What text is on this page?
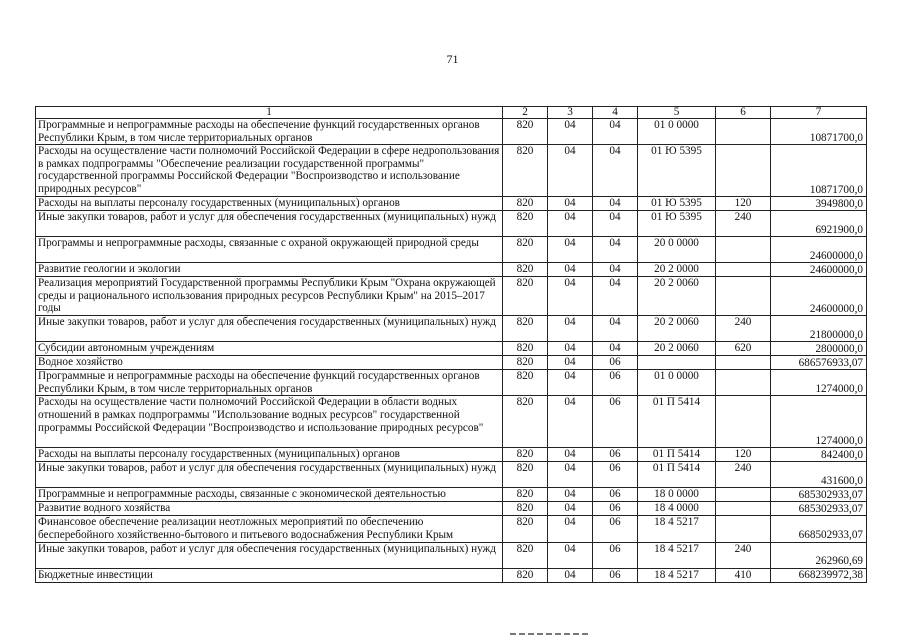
71
1	2	3	4	5	6	7
Программные и непрограммные расходы на обеспечение функций государственных органов Республики Крым, в том числе территориальных органов	820	04	04	01 0 0000		10871700,0
Расходы на осуществление части полномочий Российской Федерации в сфере недропользования в рамках подпрограммы "Обеспечение реализации государственной программы" государственной программы Российской Федерации "Воспроизводство и использование природных ресурсов"	820	04	04	01 Ю 5395		10871700,0
Расходы на выплаты персоналу государственных (муниципальных) органов	820	04	04	01 Ю 5395	120	3949800,0
Иные закупки товаров, работ и услуг для обеспечения государственных (муниципальных) нужд	820	04	04	01 Ю 5395	240	6921900,0
Программы и непрограммные расходы, связанные с охраной окружающей природной среды	820	04	04	20 0 0000		24600000,0
Развитие геологии и экологии	820	04	04	20 2 0000		24600000,0
Реализация мероприятий Государственной программы Республики Крым "Охрана окружающей среды и рационального использования природных ресурсов Республики Крым" на 2015–2017 годы	820	04	04	20 2 0060		24600000,0
Иные закупки товаров, работ и услуг для обеспечения государственных (муниципальных) нужд	820	04	04	20 2 0060	240	21800000,0
Субсидии автономным учреждениям	820	04	04	20 2 0060	620	2800000,0
Водное хозяйство	820	04	06			686576933,07
Программные и непрограммные расходы на обеспечение функций государственных органов Республики Крым, в том числе территориальных органов	820	04	06	01 0 0000		1274000,0
Расходы на осуществление части полномочий Российской Федерации в области водных отношений в рамках подпрограммы "Использование водных ресурсов" государственной программы Российской Федерации "Воспроизводство и использование природных ресурсов"	820	04	06	01 П 5414		1274000,0
Расходы на выплаты персоналу государственных (муниципальных) органов	820	04	06	01 П 5414	120	842400,0
Иные закупки товаров, работ и услуг для обеспечения государственных (муниципальных) нужд	820	04	06	01 П 5414	240	431600,0
Программные и непрограммные расходы, связанные с экономической деятельностью	820	04	06	18 0 0000		685302933,07
Развитие водного хозяйства	820	04	06	18 4 0000		685302933,07
Финансовое обеспечение реализации неотложных мероприятий по обеспечению бесперебойного хозяйственно-бытового и питьевого водоснабжения Республики Крым	820	04	06	18 4 5217		668502933,07
Иные закупки товаров, работ и услуг для обеспечения государственных (муниципальных) нужд	820	04	06	18 4 5217	240	262960,69
Бюджетные инвестиции	820	04	06	18 4 5217	410	668239972,38
